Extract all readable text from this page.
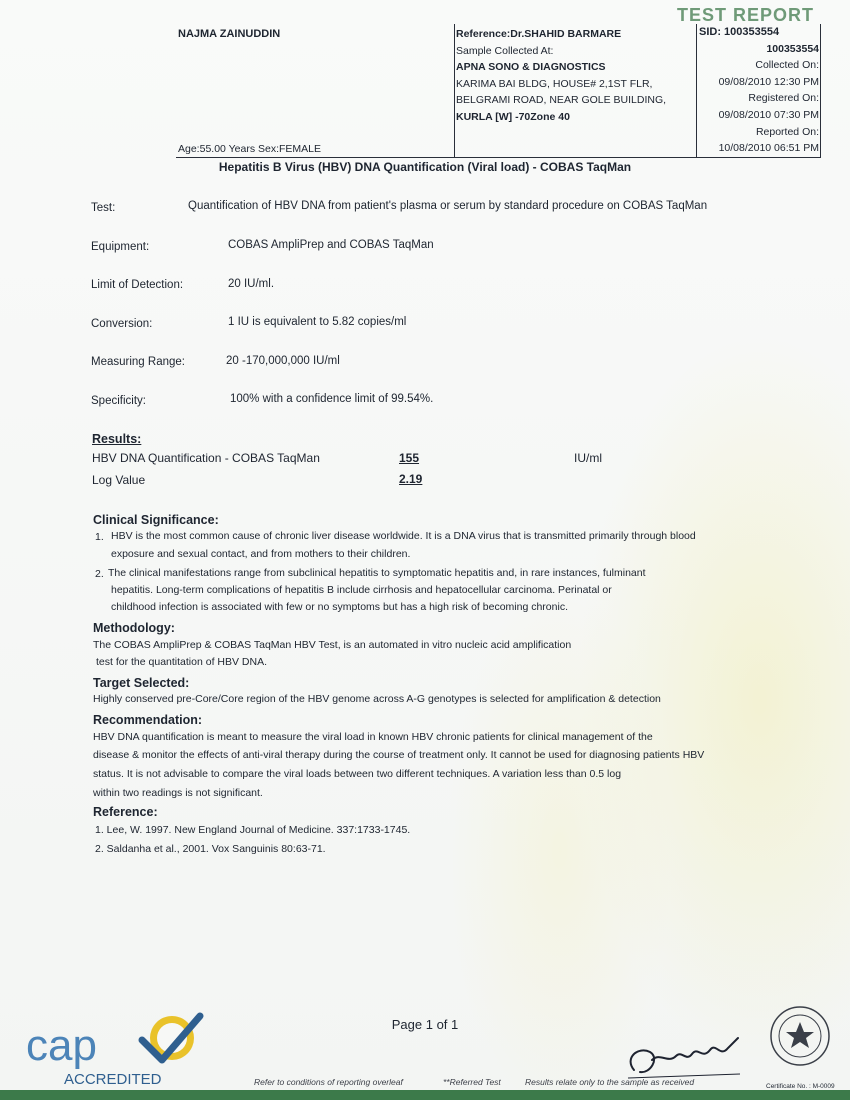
TEST REPORT
NAJMA ZAINUDDIN
Age:55.00 Years Sex:FEMALE
Reference:Dr.SHAHID BARMARE
Sample Collected At:
APNA SONO & DIAGNOSTICS
KARIMA BAI BLDG, HOUSE# 2,1ST FLR,
BELGRAMI ROAD, NEAR GOLE BUILDING,
KURLA [W] -70Zone 40
SID: 100353554
100353554
Collected On:
09/08/2010 12:30 PM
Registered On:
09/08/2010 07:30 PM
Reported On:
10/08/2010 06:51 PM
Hepatitis B Virus (HBV) DNA Quantification (Viral load) - COBAS TaqMan
Test:	Quantification of HBV DNA from patient's plasma or serum by standard procedure on COBAS TaqMan
Equipment:	COBAS AmpliPrep and COBAS TaqMan
Limit of Detection:	20 IU/ml.
Conversion:	1 IU is equivalent to 5.82 copies/ml
Measuring Range:	20 -170,000,000 IU/ml
Specificity:	100% with a confidence limit of 99.54%.
Results:
HBV DNA Quantification - COBAS TaqMan	155	IU/ml
Log Value	2.19
Clinical Significance:
1. HBV is the most common cause of chronic liver disease worldwide. It is a DNA virus that is transmitted primarily through blood
exposure and sexual contact, and from mothers to their children.
2. The clinical manifestations range from subclinical hepatitis to symptomatic hepatitis and, in rare instances, fulminant
hepatitis. Long-term complications of hepatitis B include cirrhosis and hepatocellular carcinoma. Perinatal or
childhood infection is associated with few or no symptoms but has a high risk of becoming chronic.
Methodology:
The COBAS AmpliPrep & COBAS TaqMan HBV Test, is an automated in vitro nucleic acid amplification
test for the quantitation of HBV DNA.
Target Selected:
Highly conserved pre-Core/Core region of the HBV genome across A-G genotypes is selected for amplification & detection
Recommendation:
HBV DNA quantification is meant to measure the viral load in known HBV chronic patients for clinical management of the
disease & monitor the effects of anti-viral therapy during the course of treatment only. It cannot be used for diagnosing patients HBV
status. It is not advisable to compare the viral loads between two different techniques. A variation less than 0.5 log
within two readings is not significant.
Reference:
1. Lee, W. 1997. New England Journal of Medicine. 337:1733-1745.
2. Saldanha et al., 2001. Vox Sanguinis 80:63-71.
Page 1 of 1
cap
ACCREDITED	Refer to conditions of reporting overleaf	**Referred Test	Results relate only to the sample as received	Certificate No. : M-0009
